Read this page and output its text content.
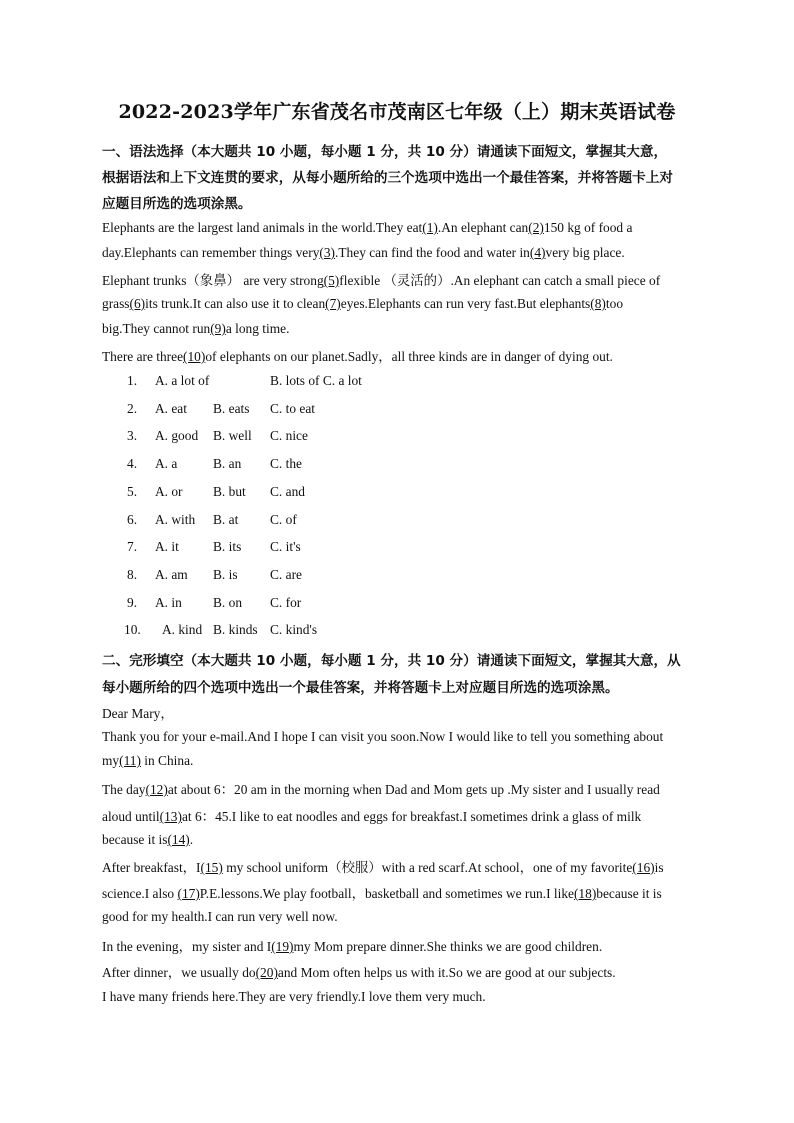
2022-2023学年广东省茂名市茂南区七年级（上）期末英语试卷
一、语法选择（本大题共 10 小题，每小题 1 分，共 10 分）请通读下面短文，掌握其大意，
根据语法和上下文连贯的要求，从每小题所给的三个选项中选出一个最佳答案，并将答题卡上对
应题目所选的选项涂黑。
Elephants are the largest land animals in the world.They eat(1).An elephant can(2)150 kg of food a
day.Elephants can remember things very(3).They can find the food and water in(4)very big place.
Elephant trunks（象鼻） are very strong(5)flexible （灵活的）.An elephant can catch a small piece of
grass(6)its trunk.It can also use it to clean(7)eyes.Elephants can run very fast.But elephants(8)too
big.They cannot run(9)a long time.
There are three(10)of elephants on our planet.Sadly，all three kinds are in danger of dying out.
1. A. a lot of	B. lots of C. a lot
2. A. eat B. eats C. to eat
3. A. good B. well C. nice
4. A. a	B. an C. the
5. A. or B. but C. and
6. A. with B. at C. of
7. A. it	B. its C. it's
8. A. am B. is C. are
9. A. in B. on C. for
10. A. kind B. kinds C. kind's
二、完形填空（本大题共 10 小题，每小题 1 分，共 10 分）请通读下面短文，掌握其大意，从
每小题所给的四个选项中选出一个最佳答案，并将答题卡上对应题目所选的选项涂黑。
Dear Mary，
Thank you for your e-mail.And I hope I can visit you soon.Now I would like to tell you something about
my(11) in China.
The day(12)at about 6：20 am in the morning when Dad and Mom gets up .My sister and I usually read
aloud until(13)at 6：45.I like to eat noodles and eggs for breakfast.I sometimes drink a glass of milk
because it is(14).
After breakfast，I(15) my school uniform（校服）with a red scarf.At school，one of my favorite(16)is
science.I also (17)P.E.lessons.We play football，basketball and sometimes we run.I like(18)because it is
good for my health.I can run very well now.
In the evening，my sister and I(19)my Mom prepare dinner.She thinks we are good children.
After dinner，we usually do(20)and Mom often helps us with it.So we are good at our subjects.
I have many friends here.They are very friendly.I love them very much.
